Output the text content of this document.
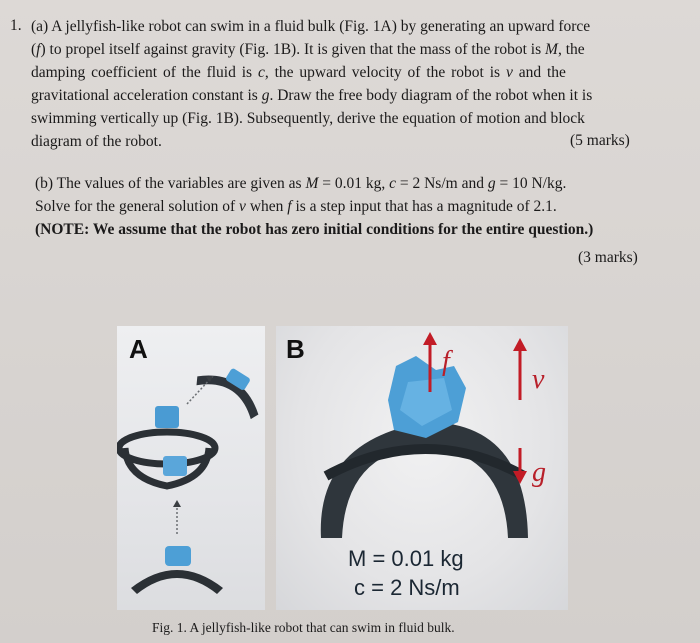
1. (a) A jellyfish-like robot can swim in a fluid bulk (Fig. 1A) by generating an upward force
(f) to propel itself against gravity (Fig. 1B). It is given that the mass of the robot is M, the
damping coefficient of the fluid is c, the upward velocity of the robot is v and the
gravitational acceleration constant is g. Draw the free body diagram of the robot when it is
swimming vertically up (Fig. 1B). Subsequently, derive the equation of motion and block
diagram of the robot.	(5 marks)
(b) The values of the variables are given as M = 0.01 kg, c = 2 Ns/m and g = 10 N/kg.
Solve for the general solution of v when f is a step input that has a magnitude of 2.1.
(NOTE: We assume that the robot has zero initial conditions for the entire question.)
(3 marks)
A	B	f
v
g
M = 0.01 kg
c = 2 Ns/m
Fig. 1. A jellyfish-like robot that can swim in fluid bulk.
